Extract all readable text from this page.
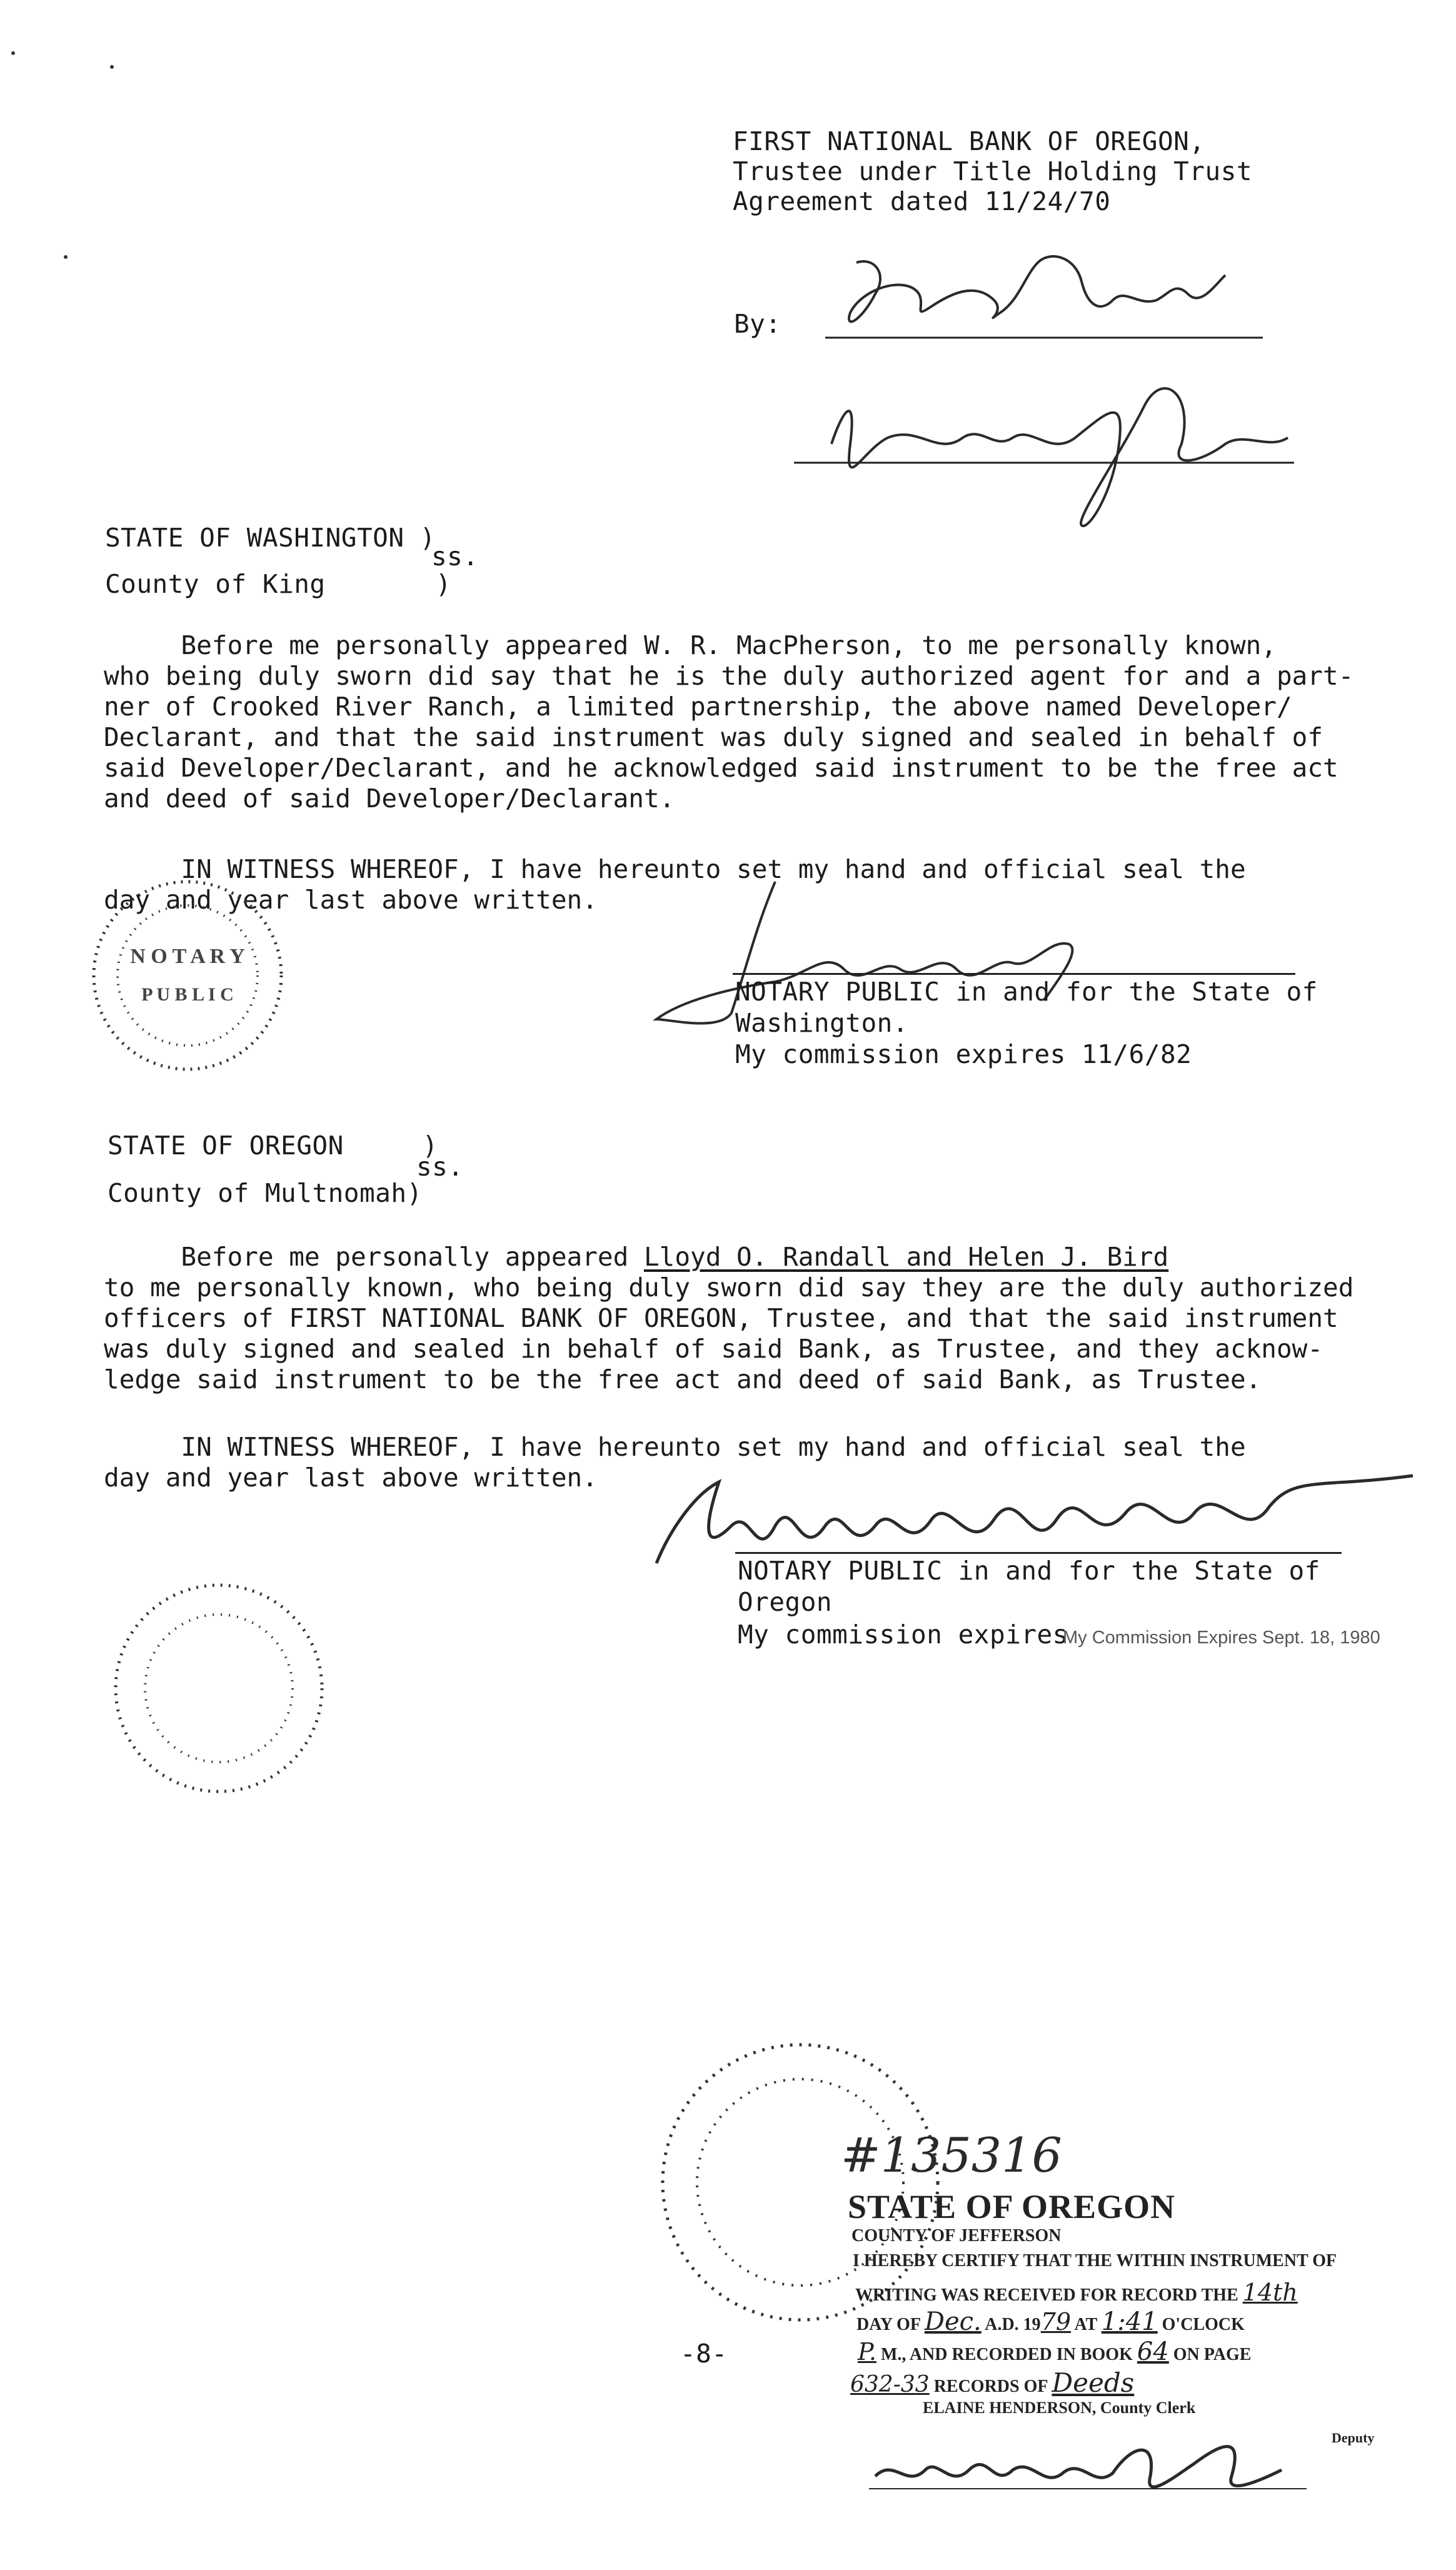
FIRST NATIONAL BANK OF OREGON,
Trustee under Title Holding Trust
Agreement dated 11/24/70
By:
STATE OF WASHINGTON )
ss.
County of King       )
Before me personally appeared W. R. MacPherson, to me personally known,
who being duly sworn did say that he is the duly authorized agent for and a part-
ner of Crooked River Ranch, a limited partnership, the above named Developer/
Declarant, and that the said instrument was duly signed and sealed in behalf of
said Developer/Declarant, and he acknowledged said instrument to be the free act
and deed of said Developer/Declarant.
IN WITNESS WHEREOF, I have hereunto set my hand and official seal the
day and year last above written.
N O T A R Y
P U B L I C	NOTARY PUBLIC in and for the State of
Washington.
My commission expires 11/6/82
STATE OF OREGON     )
ss.
County of Multnomah)
Before me personally appeared Lloyd O. Randall and Helen J. Bird
to me personally known, who being duly sworn did say they are the duly authorized
officers of FIRST NATIONAL BANK OF OREGON, Trustee, and that the said instrument
was duly signed and sealed in behalf of said Bank, as Trustee, and they acknow-
ledge said instrument to be the free act and deed of said Bank, as Trustee.
IN WITNESS WHEREOF, I have hereunto set my hand and official seal the
day and year last above written.
NOTARY PUBLIC in and for the State of
Oregon
My commission expires
My Commission Expires Sept. 18, 1980
-8-
#135316
STATE OF OREGON
COUNTY OF JEFFERSON
I HEREBY CERTIFY THAT THE WITHIN INSTRUMENT OF
WRITING WAS RECEIVED FOR RECORD THE 14th
DAY OF Dec. A.D. 1979 AT 1:41 O'CLOCK
P. M., AND RECORDED IN BOOK 64 ON PAGE
632-33 RECORDS OF Deeds
ELAINE HENDERSON, County Clerk
Deputy
